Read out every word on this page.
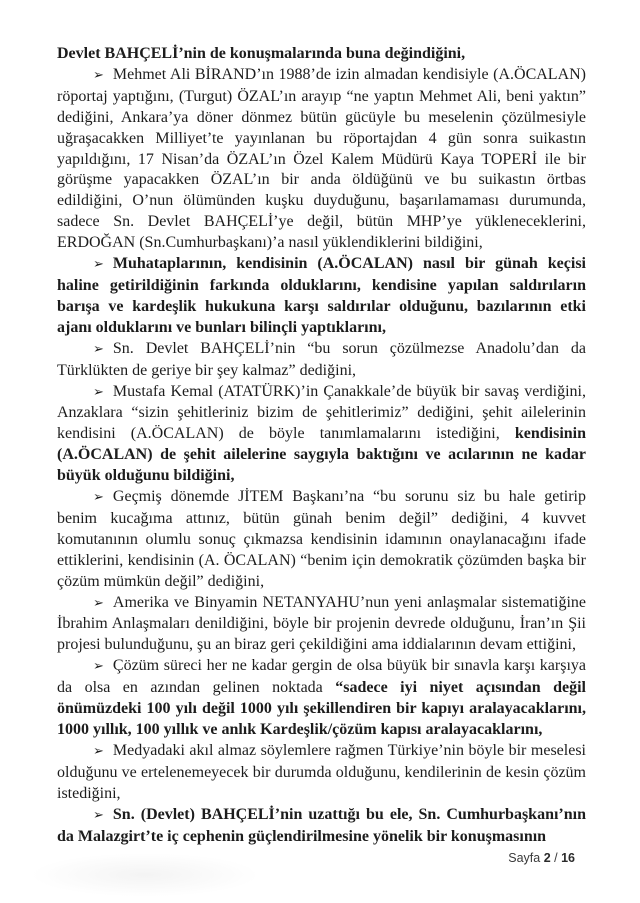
Devlet BAHÇELİ’nin de konuşmalarında buna değindiğini,

➢ Mehmet Ali BİRAND’ın 1988’de izin almadan kendisiyle (A.ÖCALAN) röportaj yaptığını, (Turgut) ÖZAL’ın arayıp “ne yaptın Mehmet Ali, beni yaktın” dediğini, Ankara’ya döner dönmez bütün gücüyle bu meselenin çözülmesiyle uğraşacakken Milliyet’te yayınlanan bu röportajdan 4 gün sonra suikastın yapıldığını, 17 Nisan’da ÖZAL’ın Özel Kalem Müdürü Kaya TOPERİ ile bir görüşme yapacakken ÖZAL’ın bir anda öldüğünü ve bu suikastın örtbas edildiğini, O’nun ölümünden kuşku duyduğunu, başarılamaması durumunda, sadece Sn. Devlet BAHÇELİ’ye değil, bütün MHP’ye yükleneceklerini, ERDOĞAN (Sn.Cumhurbaşkanı)’a nasıl yüklendiklerini bildiğini,

➢ Muhataplarının, kendisinin (A.ÖCALAN) nasıl bir günah keçisi haline getirildiğinin farkında olduklarını, kendisine yapılan saldırıların barışa ve kardeşlik hukukuna karşı saldırılar olduğunu, bazılarının etki ajanı olduklarını ve bunları bilinçli yaptıklarını,

➢ Sn. Devlet BAHÇELİ’nin “bu sorun çözülmezse Anadolu’dan da Türklükten de geriye bir şey kalmaz” dediğini,

➢ Mustafa Kemal (ATATÜRK)’in Çanakkale’de büyük bir savaş verdiğini, Anzaklara “sizin şehitleriniz bizim de şehitlerimiz” dediğini, şehit ailelerinin kendisini (A.ÖCALAN) de böyle tanımlamalarını istediğini, kendisinin (A.ÖCALAN) de şehit ailelerine saygıyla baktığını ve acılarının ne kadar büyük olduğunu bildiğini,

➢ Geçmiş dönemde JİTEM Başkanı’na “bu sorunu siz bu hale getirip benim kucağıma attınız, bütün günah benim değil” dediğini, 4 kuvvet komutanının olumlu sonuç çıkmazsa kendisinin idamının onaylanacağını ifade ettiklerini, kendisinin (A. ÖCALAN) “benim için demokratik çözümden başka bir çözüm mümkün değil” dediğini,

➢ Amerika ve Binyamin NETANYAHU’nun yeni anlaşmalar sistematiğine İbrahim Anlaşmaları denildiğini, böyle bir projenin devrede olduğunu, İran’ın Şii projesi bulunduğunu, şu an biraz geri çekildiğini ama iddialarının devam ettiğini,

➢ Çözüm süreci her ne kadar gergin de olsa büyük bir sınavla karşı karşıya da olsa en azından gelinen noktada “sadece iyi niyet açısından değil önümüzdeki 100 yılı değil 1000 yılı şekillendiren bir kapıyı aralayacaklarını, 1000 yıllık, 100 yıllık ve anlık Kardeşlik/çözüm kapısı aralayacaklarını,

➢ Medyadaki akıl almaz söylemlere rağmen Türkiye’nin böyle bir meselesi olduğunu ve ertelenemeyecek bir durumda olduğunu, kendilerinin de kesin çözüm istediğini,

➢ Sn. (Devlet) BAHÇELİ’nin uzattığı bu ele, Sn. Cumhurbaşkanı’nın da Malazgirt’te iç cephenin güçlendirilmesine yönelik bir konuşmasının

Sayfa 2 / 16
